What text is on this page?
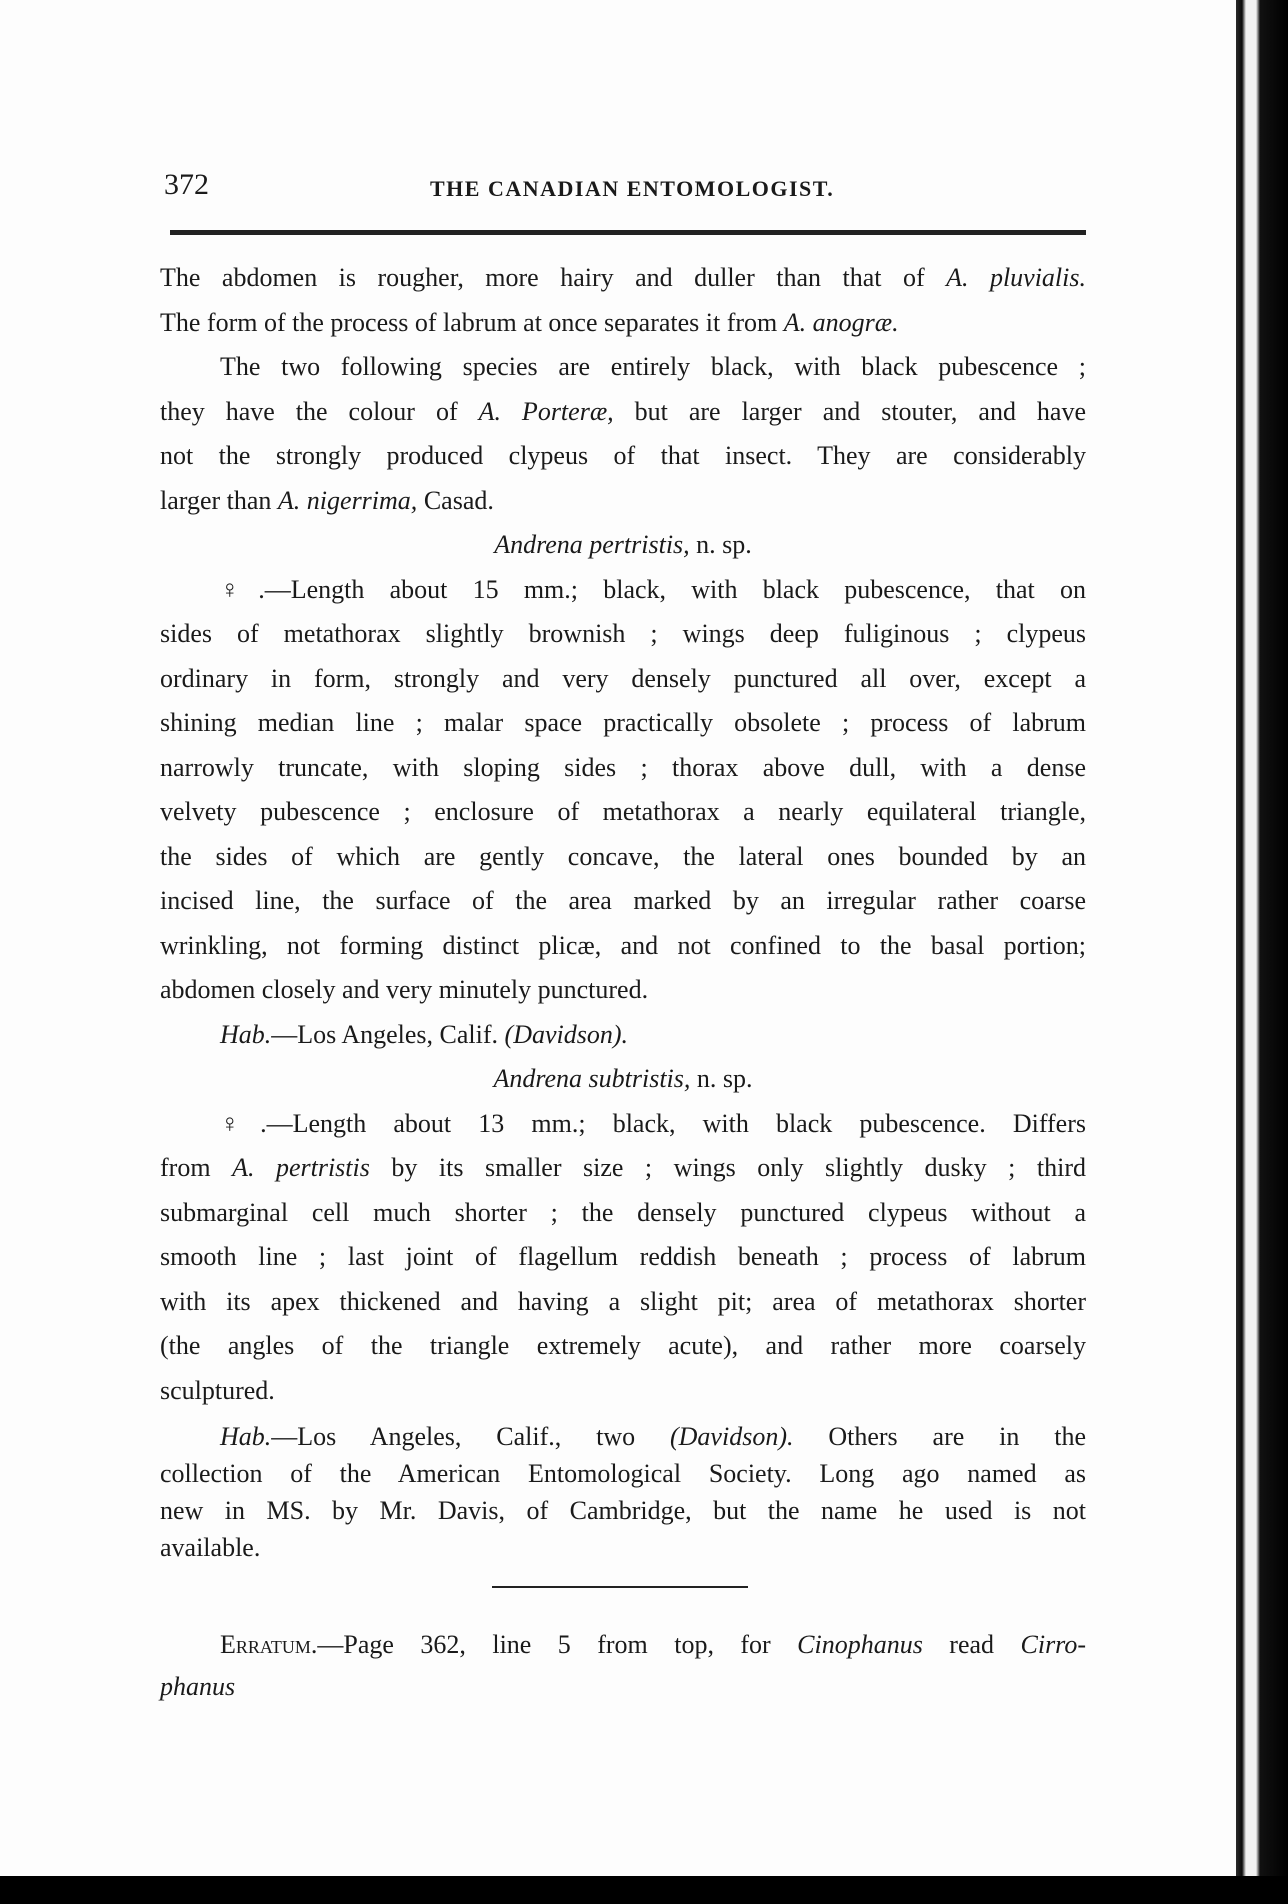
372	THE CANADIAN ENTOMOLOGIST.

The abdomen is rougher, more hairy and duller than that of A. pluvialis.

The form of the process of labrum at once separates it from A. anogræ.

The two following species are entirely black, with black pubescence ;

they have the colour of A. Porteræ, but are larger and stouter, and have

not the strongly produced clypeus of that insect. They are considerably

larger than A. nigerrima, Casad.

Andrena pertristis, n. sp.

♀.—Length about 15 mm.; black, with black pubescence, that on

sides of metathorax slightly brownish ; wings deep fuliginous ; clypeus

ordinary in form, strongly and very densely punctured all over, except a

shining median line ; malar space practically obsolete ; process of labrum

narrowly truncate, with sloping sides ; thorax above dull, with a dense

velvety pubescence ; enclosure of metathorax a nearly equilateral triangle,

the sides of which are gently concave, the lateral ones bounded by an

incised line, the surface of the area marked by an irregular rather coarse

wrinkling, not forming distinct plicæ, and not confined to the basal portion;

abdomen closely and very minutely punctured.

Hab.—Los Angeles, Calif. (Davidson).

Andrena subtristis, n. sp.

♀.—Length about 13 mm.; black, with black pubescence. Differs

from A. pertristis by its smaller size ; wings only slightly dusky ; third

submarginal cell much shorter ; the densely punctured clypeus without a

smooth line ; last joint of flagellum reddish beneath ; process of labrum

with its apex thickened and having a slight pit; area of metathorax shorter

(the angles of the triangle extremely acute), and rather more coarsely

sculptured.

Hab.—Los Angeles, Calif., two (Davidson). Others are in the

collection of the American Entomological Society. Long ago named as

new in MS. by Mr. Davis, of Cambridge, but the name he used is not

available.

Erratum.—Page 362, line 5 from top, for Cinophanus read Cirro-

phanus
